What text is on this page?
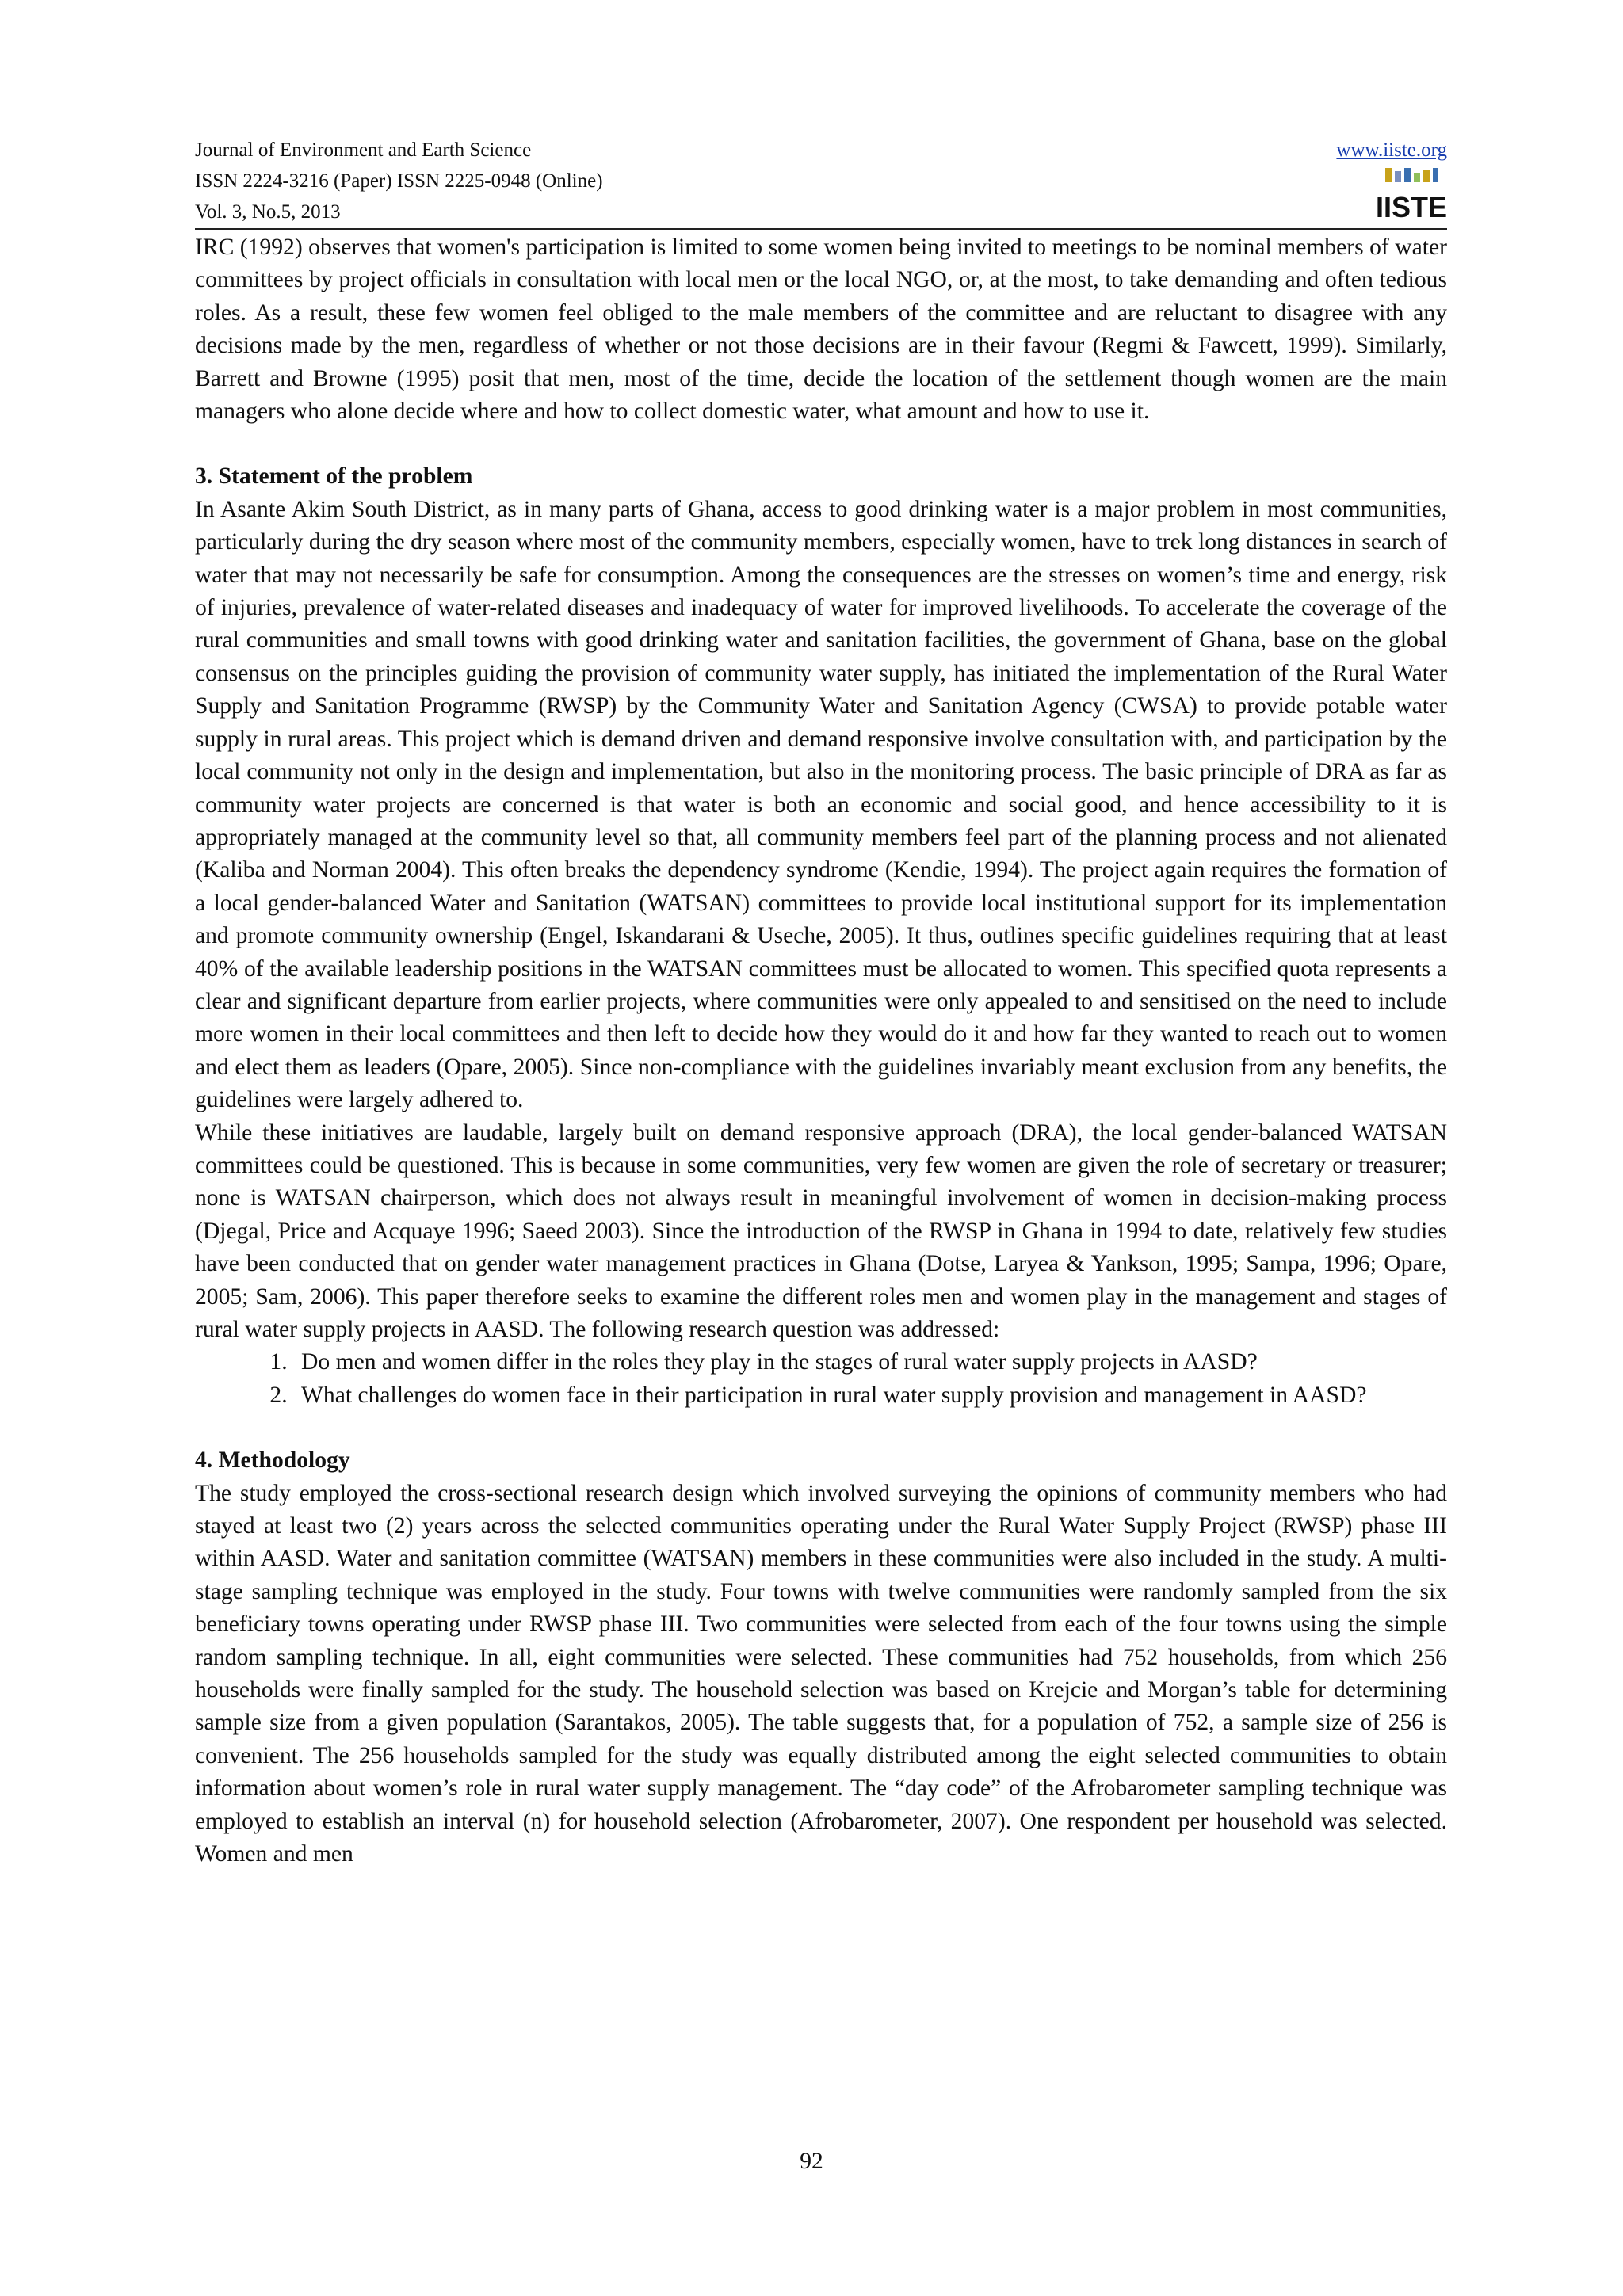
Journal of Environment and Earth Science
ISSN 2224-3216 (Paper) ISSN 2225-0948 (Online)
Vol. 3, No.5, 2013
www.iiste.org
IISTE

IRC (1992) observes that women's participation is limited to some women being invited to meetings to be nominal members of water committees by project officials in consultation with local men or the local NGO, or, at the most, to take demanding and often tedious roles. As a result, these few women feel obliged to the male members of the committee and are reluctant to disagree with any decisions made by the men, regardless of whether or not those decisions are in their favour (Regmi & Fawcett, 1999). Similarly, Barrett and Browne (1995) posit that men, most of the time, decide the location of the settlement though women are the main managers who alone decide where and how to collect domestic water, what amount and how to use it.

3. Statement of the problem

In Asante Akim South District, as in many parts of Ghana, access to good drinking water is a major problem in most communities, particularly during the dry season where most of the community members, especially women, have to trek long distances in search of water that may not necessarily be safe for consumption. Among the consequences are the stresses on women’s time and energy, risk of injuries, prevalence of water-related diseases and inadequacy of water for improved livelihoods. To accelerate the coverage of the rural communities and small towns with good drinking water and sanitation facilities, the government of Ghana, base on the global consensus on the principles guiding the provision of community water supply, has initiated the implementation of the Rural Water Supply and Sanitation Programme (RWSP) by the Community Water and Sanitation Agency (CWSA) to provide potable water supply in rural areas. This project which is demand driven and demand responsive involve consultation with, and participation by the local community not only in the design and implementation, but also in the monitoring process. The basic principle of DRA as far as community water projects are concerned is that water is both an economic and social good, and hence accessibility to it is appropriately managed at the community level so that, all community members feel part of the planning process and not alienated (Kaliba and Norman 2004). This often breaks the dependency syndrome (Kendie, 1994). The project again requires the formation of a local gender-balanced Water and Sanitation (WATSAN) committees to provide local institutional support for its implementation and promote community ownership (Engel, Iskandarani & Useche, 2005). It thus, outlines specific guidelines requiring that at least 40% of the available leadership positions in the WATSAN committees must be allocated to women. This specified quota represents a clear and significant departure from earlier projects, where communities were only appealed to and sensitised on the need to include more women in their local committees and then left to decide how they would do it and how far they wanted to reach out to women and elect them as leaders (Opare, 2005). Since non-compliance with the guidelines invariably meant exclusion from any benefits, the guidelines were largely adhered to.

While these initiatives are laudable, largely built on demand responsive approach (DRA), the local gender-balanced WATSAN committees could be questioned. This is because in some communities, very few women are given the role of secretary or treasurer; none is WATSAN chairperson, which does not always result in meaningful involvement of women in decision-making process (Djegal, Price and Acquaye 1996; Saeed 2003). Since the introduction of the RWSP in Ghana in 1994 to date, relatively few studies have been conducted that on gender water management practices in Ghana (Dotse, Laryea & Yankson, 1995; Sampa, 1996; Opare, 2005; Sam, 2006). This paper therefore seeks to examine the different roles men and women play in the management and stages of rural water supply projects in AASD. The following research question was addressed:

1. Do men and women differ in the roles they play in the stages of rural water supply projects in AASD?
2. What challenges do women face in their participation in rural water supply provision and management in AASD?
4. Methodology

The study employed the cross-sectional research design which involved surveying the opinions of community members who had stayed at least two (2) years across the selected communities operating under the Rural Water Supply Project (RWSP) phase III within AASD. Water and sanitation committee (WATSAN) members in these communities were also included in the study. A multi-stage sampling technique was employed in the study. Four towns with twelve communities were randomly sampled from the six beneficiary towns operating under RWSP phase III. Two communities were selected from each of the four towns using the simple random sampling technique. In all, eight communities were selected. These communities had 752 households, from which 256 households were finally sampled for the study. The household selection was based on Krejcie and Morgan’s table for determining sample size from a given population (Sarantakos, 2005). The table suggests that, for a population of 752, a sample size of 256 is convenient. The 256 households sampled for the study was equally distributed among the eight selected communities to obtain information about women’s role in rural water supply management. The “day code” of the Afrobarometer sampling technique was employed to establish an interval (n) for household selection (Afrobarometer, 2007). One respondent per household was selected. Women and men

92
